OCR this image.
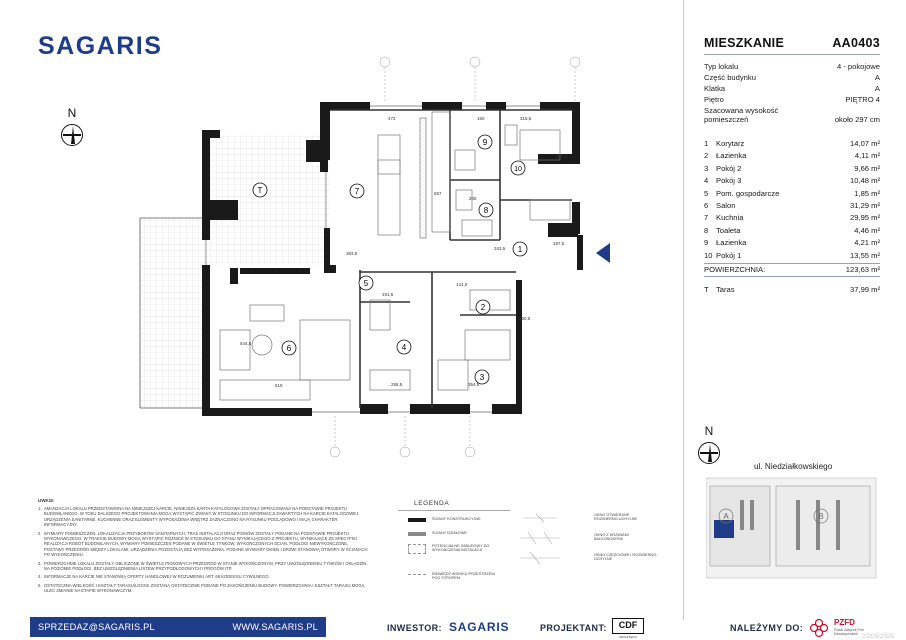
SAGARIS
N
T	7
9
10
8
1
5
2
6	4
3
472	160	315,5
657
383,5
206
397,5
197,5
343,5
141,5
191,5
619	258,5	354,5
544,5
260,5
MIESZKANIE	AA0403
Typ lokalu	4 - pokojowe
Część budynku	A
Klatka	A
Piętro	PIĘTRO 4
Szacowana wysokość pomieszczeń	około 297 cm
1	Korytarz	14,07 m²
2	Łazienka	4,11 m²
3	Pokój 2	9,66 m²
4	Pokój 3	10,48 m²
5	Pom. gospodarcze	1,85 m²
6	Salon	31,29 m²
7	Kuchnia	29,95 m²
8	Toaleta	4,46 m²
9	Łazienka	4,21 m²
10 Pokój 1	13,55 m²
POWIERZCHNIA:	123,63 m²
T Taras	37,99 m²
N
ul. Niedziałkowskiego
A	B
UWAGI
1. AMANZACJA LOKALU PRZEDSTAWIONA NA NINIEJSZEJ KARCIE, NINIEJSZA KARTA KATALOGOWA ZOSTAŁA OPRACOWANA NA PODSTAWIE PROJEKTU BUDOWLANEGO. W TOKU DALSZEGO PROJEKTOWANIA MOGĄ WYSTĄPIĆ ZMIANY W STOSUNKU DO INFORMACJI ZAWARTYCH NA KARCIE KATALOGOWEJ. URZĄDZENIA SANITARNE, KUCHENNE ORAZ ELEMENTY WYPOSAŻENIA WNĘTRZ ZAZNACZONO NA RYSUNKU POGLĄDOWO I MAJĄ CHARAKTER INFORMACYJNY.
2. WYMIARY POMIESZCZEŃ, LOKALIZACJA PRZYBORÓW SANITARNYCH, TRAS INSTALACJI ORAZ PIONÓW ZOSTAŁY PODANE NA PODSTAWIE PROJEKTU WYKONAWCZEGO. W TRAKCIE BUDOWY MOGĄ WYSTĄPIĆ RÓŻNICE W STOSUNKU DO STANU WYNIKAJĄCEGO Z PROJEKTU, WYNIKAJĄCE ZE SPECYFIKI REALIZACJI ROBÓT BUDOWLANYCH. WYMIARY POMIESZCZEŃ PODANE W ŚWIETLE TYNKÓW, WYKOŃCZONYCH ŚCIAN. PODŁOGI NIEWYKOŃCZONE, POSTAWY PRZEGRÓD MIĘDZY LOKALAMI, URZĄDZENIA POZOSTAJĄ BEZ WYPOSAŻENIA. PODANE WYMIARY OKIEN I DRZWI STANOWIĄ OTWORY W ŚCIANACH PO WYKOŃCZENIU.
3. POWIERZCHNIE LOKALU ZOSTAŁY OBLICZONE W ŚWIETLE PIONOWYCH PRZEGRÓD W STANIE WYKOŃCZONYM, PRZY UWZGLĘDNIENIU TYNKÓW I OKŁADZIN, NA POZIOMIE PODŁOGI, BEZ UWZGLĘDNIENIA LISTEW PRZYPODŁOGOWYCH I PROGÓW ITP.
4. INFORMACJE NA KARCIE NIE STANOWIĄ OFERTY HANDLOWEJ W ROZUMIENIU ART. 66 KODEKSU CYWILNEGO.
5. OSTATECZNA WIELKOŚĆ I KSZTAŁT TARASU/LOGGII ZOSTANĄ OSTATECZNIE PODANE PO ZAKOŃCZENIU BUDOWY. POWIERZCHNIA I KSZTAŁT TARASU MOGĄ ULEC ZMIANIE NA ETAPIE WYKONAWCZYM.
LEGENDA
ŚCIANY KONSTRUKCYJNE
ŚCIANY DZIAŁOWE
POTENCJALNE ZABUDOWY DO WYKOŃCZENIA INSTALACJI
KRAWĘDŹ WIDOKU PRZESTRZENI POD STROPEM
OKNO OTWIERANE ROZWIERNO-UCHYLNE
OKNO Z DRZWIAMI BALKONOWYMI
OKNO CZĘŚCIOWE I ROZWIERNO-UCHYLNE
SPRZEDAZ@SAGARIS.PL	WWW.SAGARIS.PL	INWESTOR: SAGARIS	PROJEKTANT:	CDF
ARCHITEKCI
NALEŻYMY DO:
PZFD
Polski Związek Firm Deweloperskich 22/09/2025
